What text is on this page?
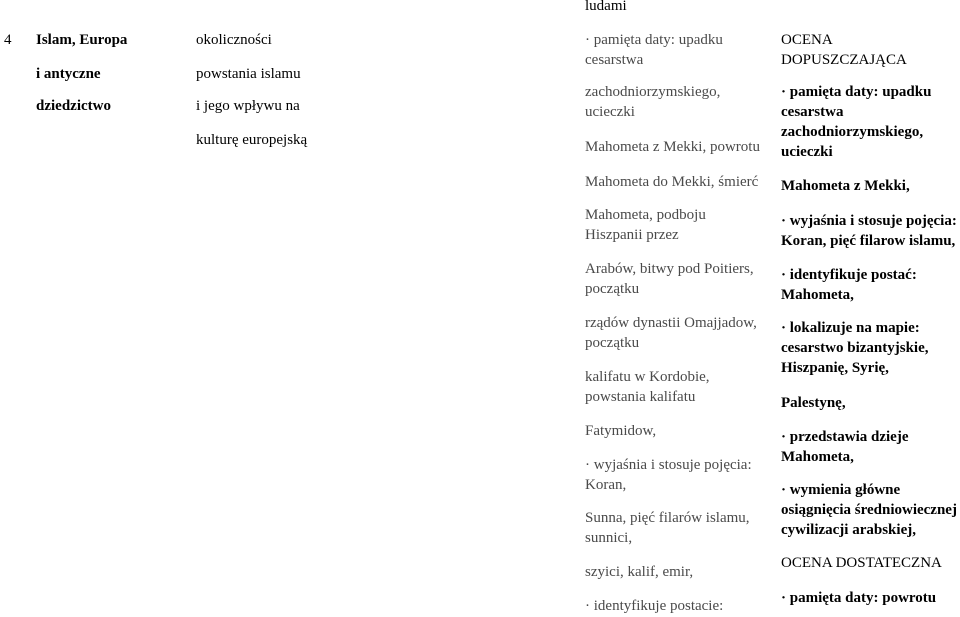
ludami
4 Islam, Europa
i antyczne
dziedzictwo
okoliczności
powstania islamu
i jego wpływu na
kulturę europejską
· pamięta daty: upadku
cesarstwa
zachodniorzymskiego,
ucieczki
Mahometa z Mekki, powrotu
Mahometa do Mekki, śmierć
Mahometa, podboju
Hiszpanii przez
Arabów, bitwy pod Poitiers,
początku
rządów dynastii Omajjadow,
początku
kalifatu w Kordobie,
powstania kalifatu
Fatymidow,
· wyjaśnia i stosuje pojęcia:
Koran,
Sunna, pięć filarów islamu,
sunnici,
szyici, kalif, emir,
· identyfikuje postacie:
OCENA
DOPUSZCZAJĄCA
· pamięta daty: upadku
cesarstwa
zachodniorzymskiego,
ucieczki
Mahometa z Mekki,
· wyjaśnia i stosuje pojęcia:
Koran, pięć filarow islamu,
· identyfikuje postać:
Mahometa,
· lokalizuje na mapie:
cesarstwo bizantyjskie,
Hiszpanię, Syrię,
Palestynę,
· przedstawia dzieje
Mahometa,
· wymienia główne
osiągnięcia średniowiecznej
cywilizacji arabskiej,
OCENA DOSTATECZNA
· pamięta daty: powrotu
